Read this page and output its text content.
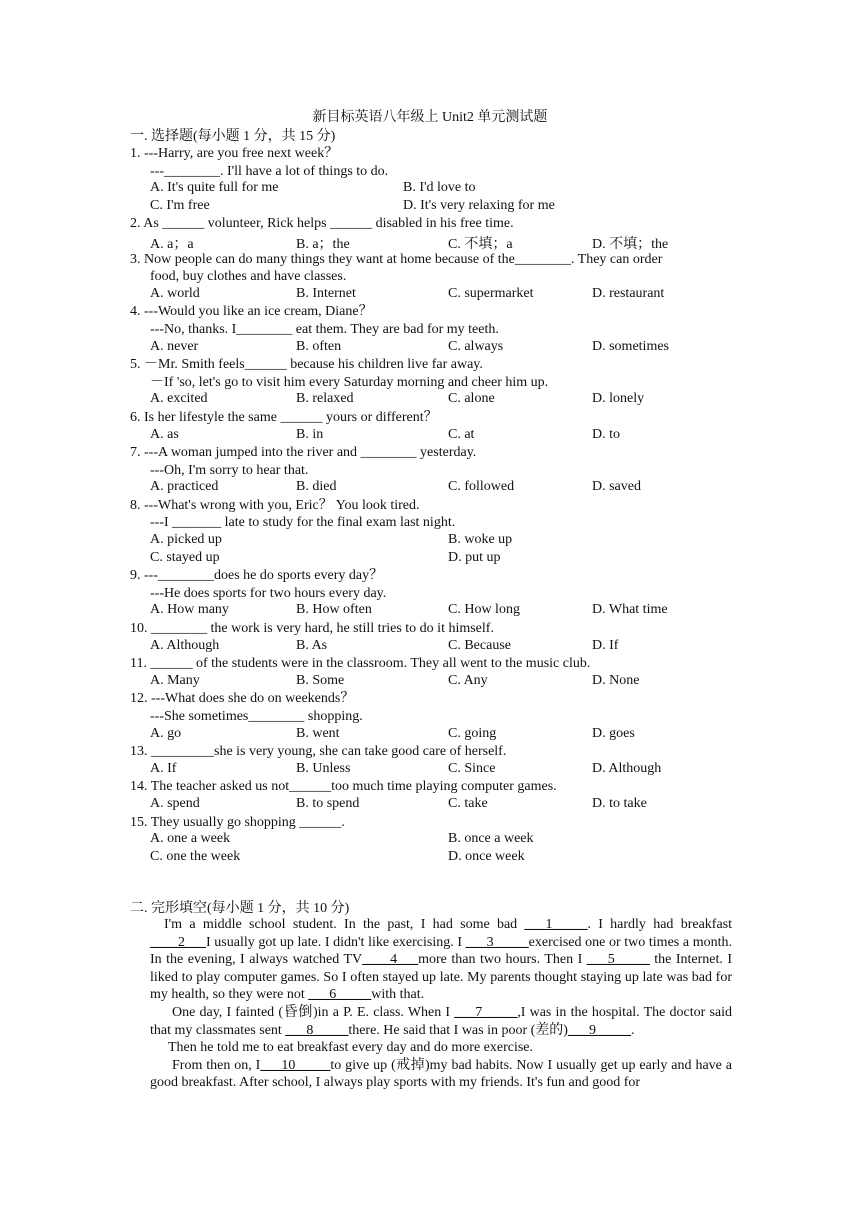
新目标英语八年级上 Unit2 单元测试题
一. 选择题(每小题 1 分，共 15 分)
1. ---Harry, are you free next week？
---________. I'll have a lot of things to do.
A. It's quite full for me	B. I'd love to
C. I'm free	D. It's very relaxing for me
2. As ______ volunteer, Rick helps ______ disabled in his free time.
A. a；a	B. a；the	C. 不填；a	D. 不填；the
3. Now people can do many things they want at home because of the________. They can order
food, buy clothes and have classes.
A. world	B. Internet	C. supermarket	D. restaurant
4. ---Would you like an ice cream, Diane？
---No, thanks. I________ eat them. They are bad for my teeth.
A. never	B. often	C. always	D. sometimes
5. －Mr. Smith feels______ because his children live far away.
－If 'so, let's go to visit him every Saturday morning and cheer him up.
A. excited	B. relaxed	C. alone	D. lonely
6. Is her lifestyle the same ______ yours or different？
A. as	B. in	C. at	D. to
7. ---A woman jumped into the river and ________ yesterday.
---Oh, I'm sorry to hear that.
A. practiced	B. died	C. followed	D. saved
8. ---What's wrong with you, Eric？ You look tired.
---I _______ late to study for the final exam last night.
A. picked up	B. woke up
C. stayed up	D. put up
9. ---________does he do sports every day？
---He does sports for two hours every day.
A. How many	B. How often	C. How long	D. What time
10. ________ the work is very hard, he still tries to do it himself.
A. Although	B. As	C. Because	D. If
11. ______ of the students were in the classroom. They all went to the music club.
A. Many	B. Some	C. Any	D. None
12. ---What does she do on weekends？
---She sometimes________ shopping.
A. go	B. went	C. going	D. goes
13. _________she is very young, she can take good care of herself.
A. If	B. Unless	C. Since	D. Although
14. The teacher asked us not______too much time playing computer games.
A. spend	B. to spend	C. take	D. to take
15. They usually go shopping ______.
A. one a week	B. once a week
C. one the week	D. once week
二. 完形填空(每小题 1 分，共 10 分)

I'm a middle school student. In the past, I had some bad ___1_____. I hardly had breakfast ____2___I usually got up late. I didn't like exercising. I ___3_____exercised one or two times a month. In the evening, I always watched TV____4___more than two hours. Then I ___5_____ the Internet. I liked to play computer games. So I often stayed up late. My parents thought staying up late was bad for my health, so they were not ___6_____with that.

One day, I fainted (昏倒)in a P. E. class. When I ___7_____,I was in the hospital. The doctor said that my classmates sent ___8_____there. He said that I was in poor (差的)___9_____.

Then he told me to eat breakfast every day and do more exercise.

From then on, I___10_____to give up (戒掉)my bad habits. Now I usually get up early and have a good breakfast. After school, I always play sports with my friends. It's fun and good for
